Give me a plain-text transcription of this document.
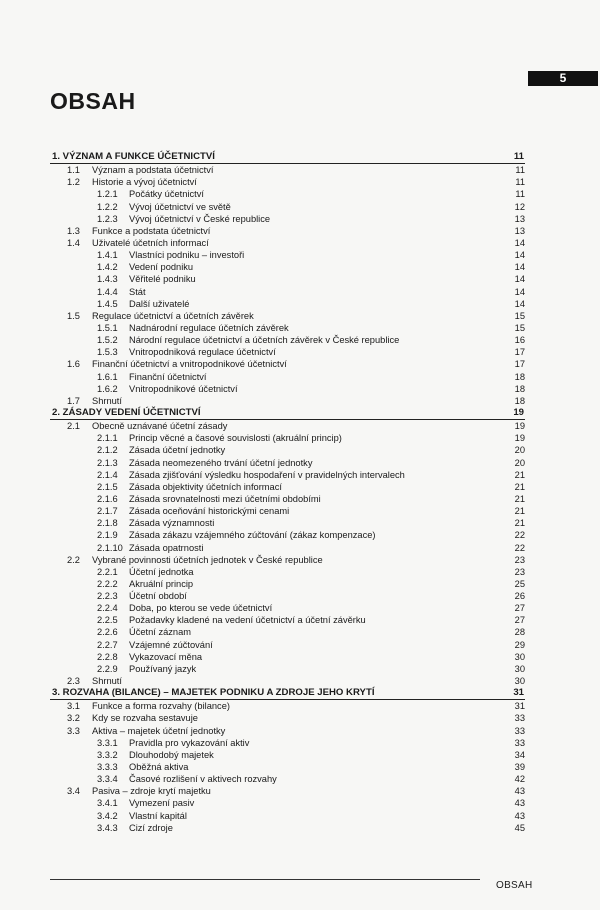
5
OBSAH
1. VÝZNAM A FUNKCE ÚČETNICTVÍ	11
1.1 Význam a podstata účetnictví	11
1.2 Historie a vývoj účetnictví	11
1.2.1 Počátky účetnictví	11
1.2.2 Vývoj účetnictví ve světě	12
1.2.3 Vývoj účetnictví v České republice	13
1.3 Funkce a podstata účetnictví	13
1.4 Uživatelé účetních informací	14
1.4.1 Vlastníci podniku – investoři	14
1.4.2 Vedení podniku	14
1.4.3 Věřitelé podniku	14
1.4.4 Stát	14
1.4.5 Další uživatelé	14
1.5 Regulace účetnictví a účetních závěrek	15
1.5.1 Nadnárodní regulace účetních závěrek	15
1.5.2 Národní regulace účetnictví a účetních závěrek v České republice	16
1.5.3 Vnitropodniková regulace účetnictví	17
1.6 Finanční účetnictví a vnitropodnikové účetnictví	17
1.6.1 Finanční účetnictví	18
1.6.2 Vnitropodnikové účetnictví	18
1.7 Shrnutí	18
2. ZÁSADY VEDENÍ ÚČETNICTVÍ	19
2.1 Obecně uznávané účetní zásady	19
2.1.1 Princip věcné a časové souvislosti (akruální princip)	19
2.1.2 Zásada účetní jednotky	20
2.1.3 Zásada neomezeného trvání účetní jednotky	20
2.1.4 Zásada zjišťování výsledku hospodaření v pravidelných intervalech	21
2.1.5 Zásada objektivity účetních informací	21
2.1.6 Zásada srovnatelnosti mezi účetními obdobími	21
2.1.7 Zásada oceňování historickými cenami	21
2.1.8 Zásada významnosti	21
2.1.9 Zásada zákazu vzájemného zúčtování (zákaz kompenzace)	22
2.1.10 Zásada opatrnosti	22
2.2 Vybrané povinnosti účetních jednotek v České republice	23
2.2.1 Účetní jednotka	23
2.2.2 Akruální princip	25
2.2.3 Účetní období	26
2.2.4 Doba, po kterou se vede účetnictví	27
2.2.5 Požadavky kladené na vedení účetnictví a účetní závěrku	27
2.2.6 Účetní záznam	28
2.2.7 Vzájemné zúčtování	29
2.2.8 Vykazovací měna	30
2.2.9 Používaný jazyk	30
2.3 Shrnutí	30
3. ROZVAHA (BILANCE) – MAJETEK PODNIKU A ZDROJE JEHO KRYTÍ	31
3.1 Funkce a forma rozvahy (bilance)	31
3.2 Kdy se rozvaha sestavuje	33
3.3 Aktiva – majetek účetní jednotky	33
3.3.1 Pravidla pro vykazování aktiv	33
3.3.2 Dlouhodobý majetek	34
3.3.3 Oběžná aktiva	39
3.3.4 Časové rozlišení v aktivech rozvahy	42
3.4 Pasiva – zdroje krytí majetku	43
3.4.1 Vymezení pasiv	43
3.4.2 Vlastní kapitál	43
3.4.3 Cizí zdroje	45
OBSAH
